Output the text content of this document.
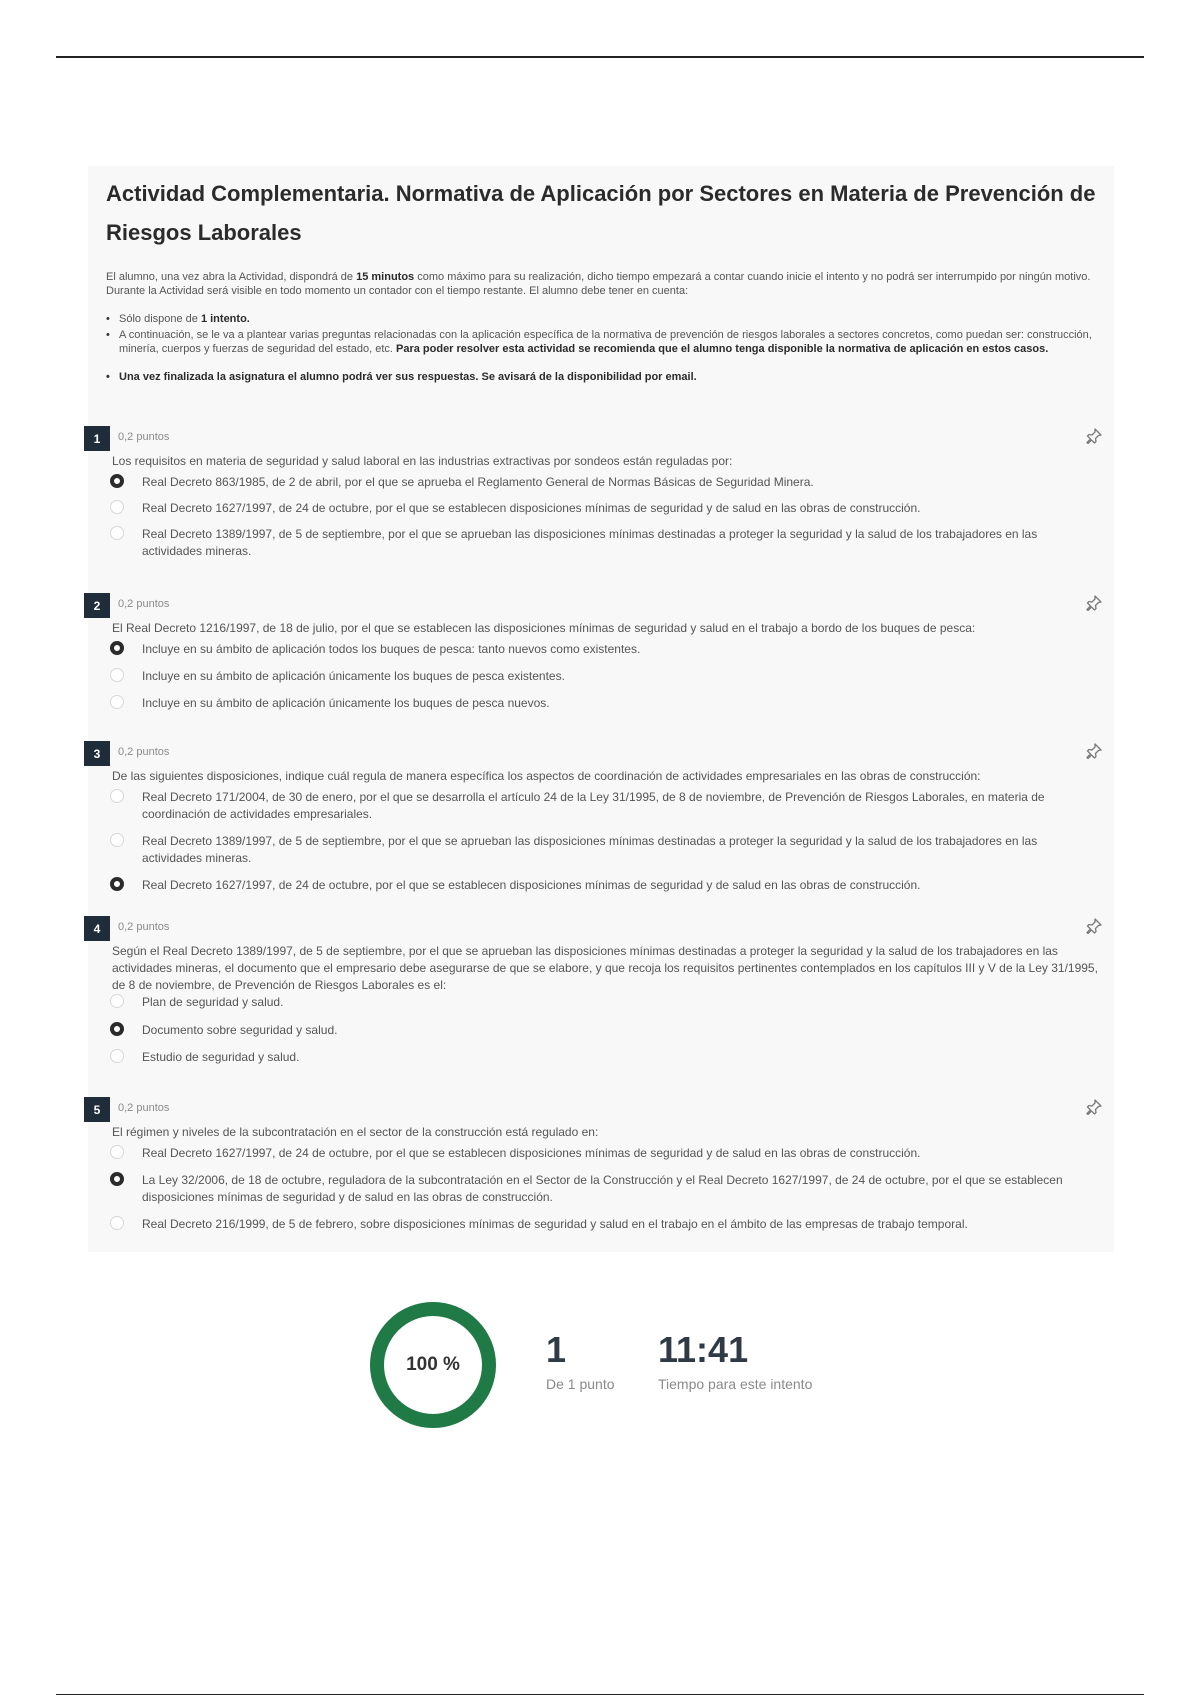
Actividad Complementaria. Normativa de Aplicación por Sectores en Materia de Prevención de Riesgos Laborales
El alumno, una vez abra la Actividad, dispondrá de 15 minutos como máximo para su realización, dicho tiempo empezará a contar cuando inicie el intento y no podrá ser interrumpido por ningún motivo. Durante la Actividad será visible en todo momento un contador con el tiempo restante. El alumno debe tener en cuenta:
• Sólo dispone de 1 intento.
• A continuación, se le va a plantear varias preguntas relacionadas con la aplicación específica de la normativa de prevención de riesgos laborales a sectores concretos, como puedan ser: construcción, minería, cuerpos y fuerzas de seguridad del estado, etc. Para poder resolver esta actividad se recomienda que el alumno tenga disponible la normativa de aplicación en estos casos.
• Una vez finalizada la asignatura el alumno podrá ver sus respuestas. Se avisará de la disponibilidad por email.
1	0,2 puntos
Los requisitos en materia de seguridad y salud laboral en las industrias extractivas por sondeos están reguladas por:
Real Decreto 863/1985, de 2 de abril, por el que se aprueba el Reglamento General de Normas Básicas de Seguridad Minera.
Real Decreto 1627/1997, de 24 de octubre, por el que se establecen disposiciones mínimas de seguridad y de salud en las obras de construcción.
Real Decreto 1389/1997, de 5 de septiembre, por el que se aprueban las disposiciones mínimas destinadas a proteger la seguridad y la salud de los trabajadores en las actividades mineras.
2	0,2 puntos
El Real Decreto 1216/1997, de 18 de julio, por el que se establecen las disposiciones mínimas de seguridad y salud en el trabajo a bordo de los buques de pesca:
Incluye en su ámbito de aplicación todos los buques de pesca: tanto nuevos como existentes.
Incluye en su ámbito de aplicación únicamente los buques de pesca existentes.
Incluye en su ámbito de aplicación únicamente los buques de pesca nuevos.
3	0,2 puntos
De las siguientes disposiciones, indique cuál regula de manera específica los aspectos de coordinación de actividades empresariales en las obras de construcción:
Real Decreto 171/2004, de 30 de enero, por el que se desarrolla el artículo 24 de la Ley 31/1995, de 8 de noviembre, de Prevención de Riesgos Laborales, en materia de coordinación de actividades empresariales.
Real Decreto 1389/1997, de 5 de septiembre, por el que se aprueban las disposiciones mínimas destinadas a proteger la seguridad y la salud de los trabajadores en las actividades mineras.
Real Decreto 1627/1997, de 24 de octubre, por el que se establecen disposiciones mínimas de seguridad y de salud en las obras de construcción.
4	0,2 puntos
Según el Real Decreto 1389/1997, de 5 de septiembre, por el que se aprueban las disposiciones mínimas destinadas a proteger la seguridad y la salud de los trabajadores en las actividades mineras, el documento que el empresario debe asegurarse de que se elabore, y que recoja los requisitos pertinentes contemplados en los capítulos III y V de la Ley 31/1995, de 8 de noviembre, de Prevención de Riesgos Laborales es el:
Plan de seguridad y salud.
Documento sobre seguridad y salud.
Estudio de seguridad y salud.
5	0,2 puntos
El régimen y niveles de la subcontratación en el sector de la construcción está regulado en:
Real Decreto 1627/1997, de 24 de octubre, por el que se establecen disposiciones mínimas de seguridad y de salud en las obras de construcción.
La Ley 32/2006, de 18 de octubre, reguladora de la subcontratación en el Sector de la Construcción y el Real Decreto 1627/1997, de 24 de octubre, por el que se establecen disposiciones mínimas de seguridad y de salud en las obras de construcción.
Real Decreto 216/1999, de 5 de febrero, sobre disposiciones mínimas de seguridad y salud en el trabajo en el ámbito de las empresas de trabajo temporal.
100 %	1
De 1 punto
11:41
Tiempo para este intento
